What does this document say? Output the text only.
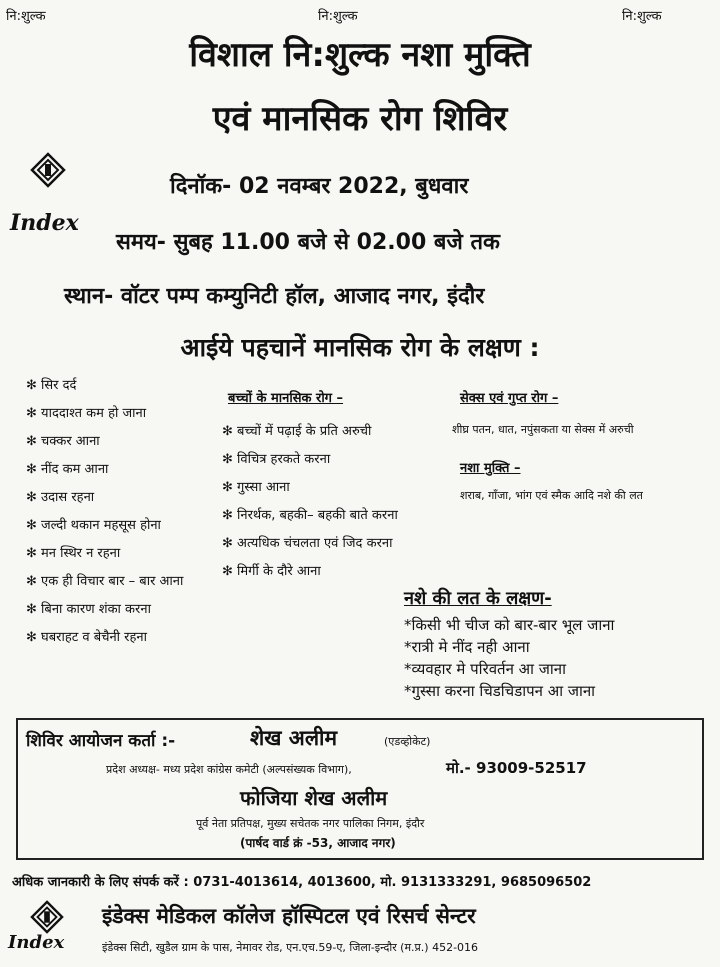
नि:शुल्क	नि:शुल्क	नि:शुल्क
विशाल नि:शुल्क नशा मुक्ति
एवं मानसिक रोग शिविर
Index
दिनॉक- 02 नवम्बर 2022, बुधवार
समय- सुबह 11.00 बजे से 02.00 बजे तक
स्थान- वॉटर पम्प कम्युनिटी हॉल, आजाद नगर, इंदौर
आईये पहचानें मानसिक रोग के लक्षण :
✻ सिर दर्द
✻ याददाश्त कम हो जाना
✻ चक्कर आना
✻ नींद कम आना
✻ उदास रहना
✻ जल्दी थकान महसूस होना
✻ मन स्थिर न रहना
✻ एक ही विचार बार – बार आना
✻ बिना कारण शंका करना
✻ घबराहट व बेचैनी रहना
बच्चों के मानसिक रोग –
✻ बच्चों में पढ़ाई के प्रति अरुची
✻ विचित्र हरकते करना
✻ गुस्सा आना
✻ निरर्थक, बहकी– बहकी बाते करना
✻ अत्यधिक चंचलता एवं जिद करना
✻ मिर्गी के दौरे आना
सेक्स एवं गुप्त रोग –
शीघ्र पतन, धात, नपुंसकता या सेक्स में अरुची
नशा मुक्ति –
शराब, गाँजा, भांग एवं स्मैक आदि नशे की लत
नशे की लत के लक्षण-
*किसी भी चीज को बार-बार भूल जाना
*रात्री मे नींद नही आना
*व्यवहार मे परिवर्तन आ जाना
*गुस्सा करना चिडचिडापन आ जाना
शिविर आयोजन कर्ता :-	शेख अलीम	(एडव्होकेट)
प्रदेश अध्यक्ष- मध्य प्रदेश कांग्रेस कमेटी (अल्पसंख्यक विभाग),	मो.- 93009-52517
फोजिया शेख अलीम
पूर्व नेता प्रतिपक्ष, मुख्य सचेतक नगर पालिका निगम, इंदौर
(पार्षद वार्ड क्रं -53, आजाद नगर)
अधिक जानकारी के लिए संपर्क करें : 0731-4013614, 4013600, मो. 9131333291, 9685096502
Index
इंडेक्स मेडिकल कॉलेज हॉस्पिटल एवं रिसर्च सेन्टर
इंडेक्स सिटी, खुडैल ग्राम के पास, नेमावर रोड, एन.एच.59-ए, जिला-इन्दौर (म.प्र.) 452-016
